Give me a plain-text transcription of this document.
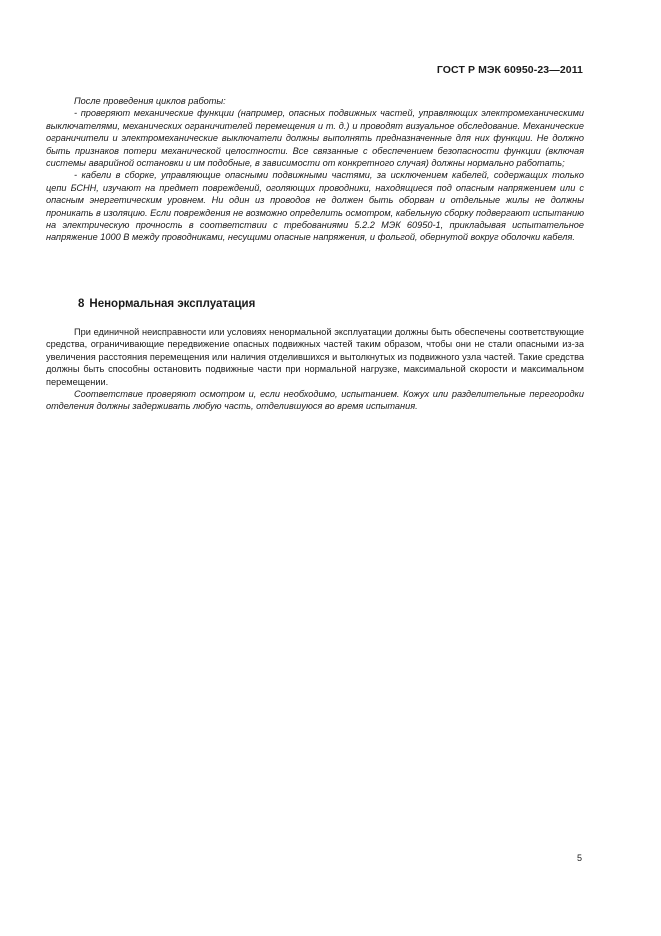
ГОСТ Р МЭК 60950-23—2011

После проведения циклов работы:

- проверяют механические функции (например, опасных подвижных частей, управляющих электромеханическими выключателями, механических ограничителей перемещения и т. д.) и проводят визуальное обследование. Механические ограничители и электромеханические выключатели должны выполнять предназначенные для них функции. Не должно быть признаков потери механической целостности. Все связанные с обеспечением безопасности функции (включая системы аварийной остановки и им подобные, в зависимости от конкретного случая) должны нормально работать;

- кабели в сборке, управляющие опасными подвижными частями, за исключением кабелей, содержащих только цепи БСНН, изучают на предмет повреждений, оголяющих проводники, находящиеся под опасным напряжением или с опасным энергетическим уровнем. Ни один из проводов не должен быть оборван и отдельные жилы не должны проникать в изоляцию. Если повреждения не возможно определить осмотром, кабельную сборку подвергают испытанию на электрическую прочность в соответствии с требованиями 5.2.2 МЭК 60950-1, прикладывая испытательное напряжение 1000 В между проводниками, несущими опасные напряжения, и фольгой, обернутой вокруг оболочки кабеля.

8 Ненормальная эксплуатация

При единичной неисправности или условиях ненормальной эксплуатации должны быть обеспечены соответствующие средства, ограничивающие передвижение опасных подвижных частей таким образом, чтобы они не стали опасными из-за увеличения расстояния перемещения или наличия отделившихся и вытолкнутых из подвижного узла частей. Такие средства должны быть способны остановить подвижные части при нормальной нагрузке, максимальной скорости и максимальном перемещении.

Соответствие проверяют осмотром и, если необходимо, испытанием. Кожух или разделительные перегородки отделения должны задерживать любую часть, отделившуюся во время испытания.

5
